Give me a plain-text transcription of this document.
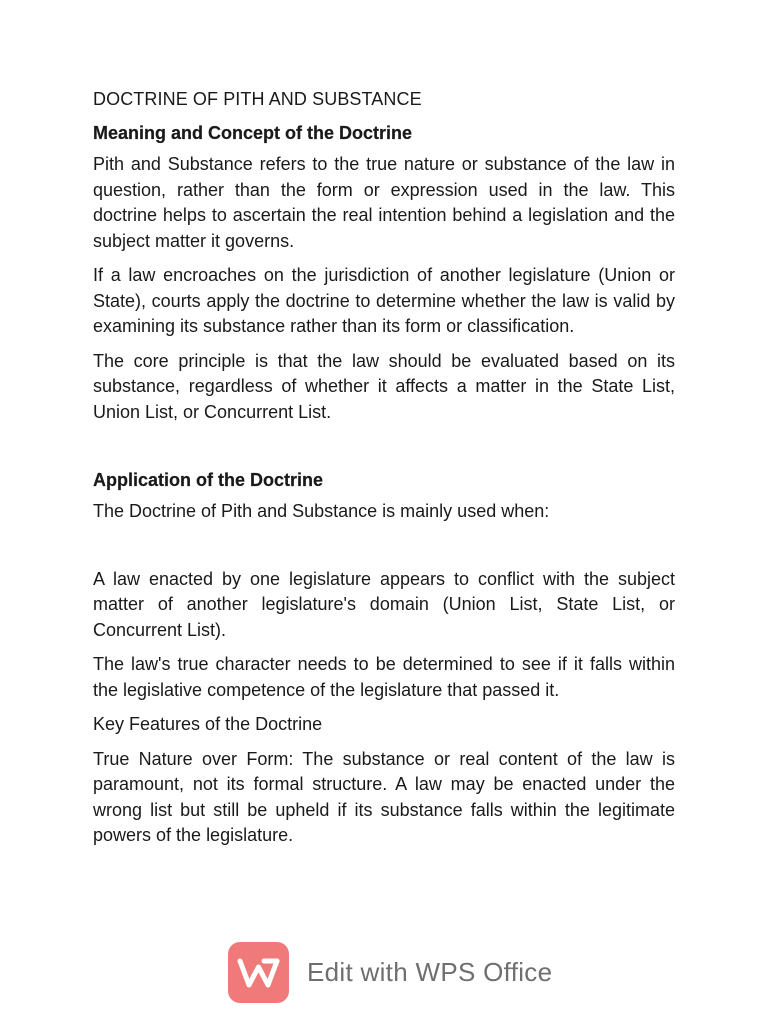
DOCTRINE OF PITH AND SUBSTANCE
Meaning and Concept of the Doctrine

Pith and Substance refers to the true nature or substance of the law in question, rather than the form or expression used in the law. This doctrine helps to ascertain the real intention behind a legislation and the subject matter it governs.

If a law encroaches on the jurisdiction of another legislature (Union or State), courts apply the doctrine to determine whether the law is valid by examining its substance rather than its form or classification.

The core principle is that the law should be evaluated based on its substance, regardless of whether it affects a matter in the State List, Union List, or Concurrent List.

Application of the Doctrine

The Doctrine of Pith and Substance is mainly used when:

A law enacted by one legislature appears to conflict with the subject matter of another legislature's domain (Union List, State List, or Concurrent List).

The law's true character needs to be determined to see if it falls within the legislative competence of the legislature that passed it.

Key Features of the Doctrine

True Nature over Form: The substance or real content of the law is paramount, not its formal structure. A law may be enacted under the wrong list but still be upheld if its substance falls within the legitimate powers of the legislature.

Edit with WPS Office
